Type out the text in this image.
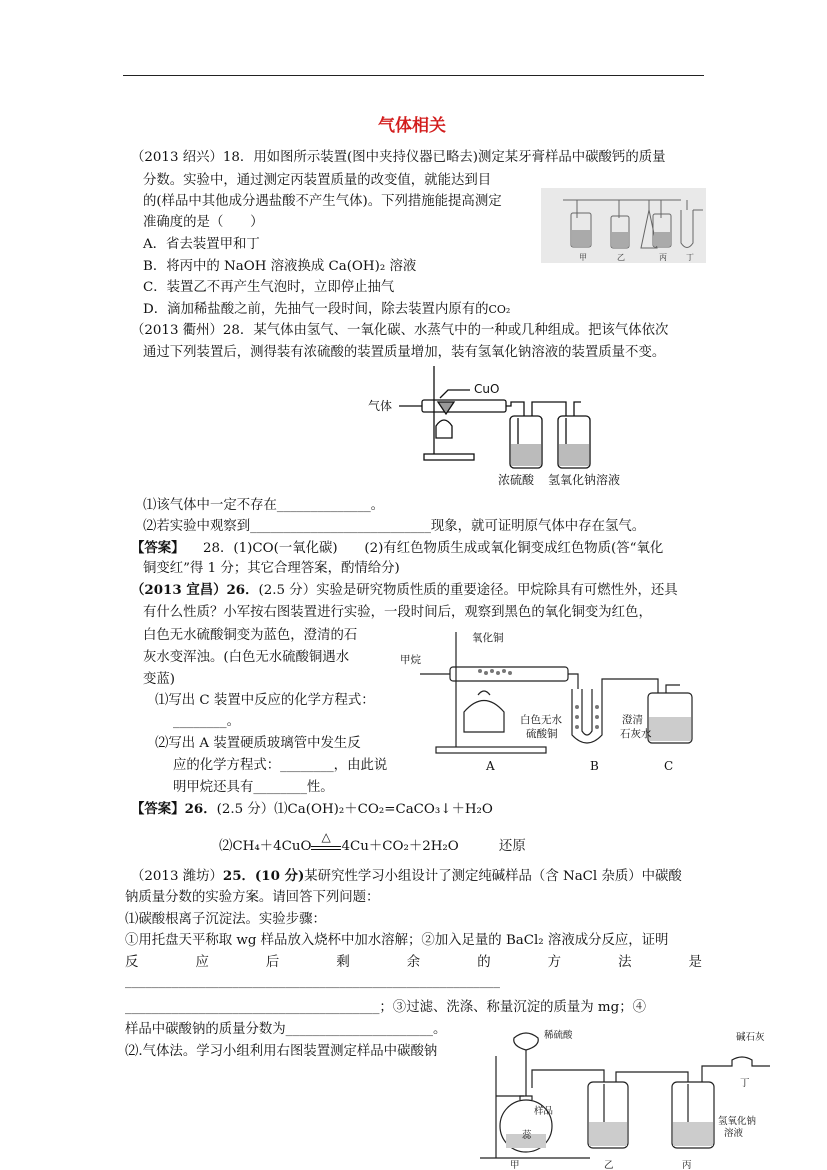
气体相关
（2013 绍兴）18．用如图所示装置(图中夹持仪器已略去)测定某牙膏样品中碳酸钙的质量
分数。实验中，通过测定丙装置质量的改变值，就能达到目
的(样品中其他成分遇盐酸不产生气体)。下列措施能提高测定
准确度的是（　　）
A．省去装置甲和丁
B．将丙中的 NaOH 溶液换成 Ca(OH)₂ 溶液
C．装置乙不再产生气泡时，立即停止抽气
D．滴加稀盐酸之前，先抽气一段时间，除去装置内原有的CO₂
甲	乙	丙 丁
（2013 衢州）28．某气体由氢气、一氧化碳、水蒸气中的一种或几种组成。把该气体依次
通过下列装置后，测得装有浓硫酸的装置质量增加，装有氢氧化钠溶液的装置质量不变。
气体
CuO
浓硫酸 氢氧化钠溶液
⑴该气体中一定不存在______________。
⑵若实验中观察到___________________________现象，就可证明原气体中存在氢气。
【答案】 28．(1)CO(一氧化碳)　　(2)有红色物质生成或氧化铜变成红色物质(答“氧化
铜变红”得 1 分；其它合理答案，酌情给分)
（2013 宜昌）26．(2.5 分）实验是研究物质性质的重要途径。甲烷除具有可燃性外，还具
有什么性质？小军按右图装置进行实验，一段时间后，观察到黑色的氧化铜变为红色，
白色无水硫酸铜变为蓝色，澄清的石
灰水变浑浊。(白色无水硫酸铜遇水
变蓝)
⑴写出 C 装置中反应的化学方程式：
________。
⑵写出 A 装置硬质玻璃管中发生反
应的化学方程式：________，由此说
明甲烷还具有________性。
甲烷
氧化铜
白色无水
硫酸铜
澄清
石灰水
A	B	C
【答案】26．(2.5 分）⑴Ca(OH)₂＋CO₂=CaCO₃↓＋H₂O
⑵CH₄＋4CuO
△
4Cu＋CO₂＋2H₂O　　　还原
（2013 潍坊）25．(10 分)某研究性学习小组设计了测定纯碱样品（含 NaCl 杂质）中碳酸
钠质量分数的实验方案。请回答下列问题：
⑴碳酸根离子沉淀法。实验步骤：
①用托盘天平称取 wg 样品放入烧杯中加水溶解；②加入足量的 BaCl₂ 溶液成分反应，证明
反	应	后	剩	余	的	方	法	是
________________________________________________________
______________________________________；③过滤、洗涤、称量沉淀的质量为 mg；④
样品中碳酸钠的质量分数为______________________。
⑵.气体法。学习小组利用右图装置测定样品中碳酸钠
稀硫酸
样品
碱石灰
丁
氢氧化钠
溶液
蕊
甲	乙	丙
